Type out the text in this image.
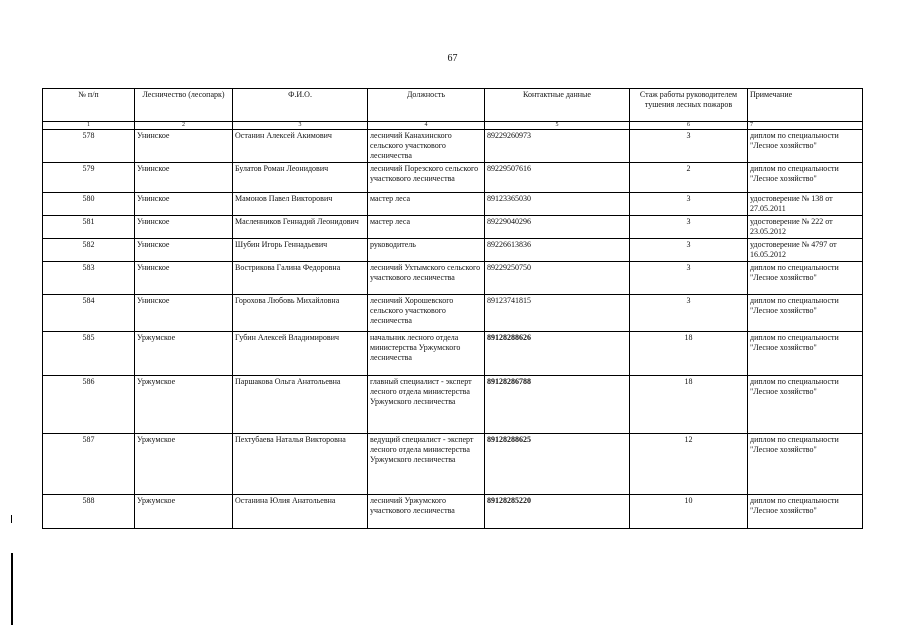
67
№ п/п	Лесничество (лесопарк)	Ф.И.О.	Должность	Контактные данные	Стаж работы руководителем тушения лесных пожаров	Примечание
1	2	3	4	5	6	7
578	Унинское	Останин Алексей Акимович	лесничий Канахинского сельского участкового лесничества	89229260973	3	диплом по специальности "Лесное хозяйство"
579	Унинское	Булатов Роман Леонидович	лесничий Порезского сельского участкового лесничества	89229507616	2	диплом по специальности "Лесное хозяйство"
580	Унинское	Мамонов Павел Викторович	мастер леса	89123365030	3	удостоверение № 138 от 27.05.2011
581	Унинское	Масленников Геннадий Леонидович	мастер леса	89229040296	3	удостоверение № 222 от 23.05.2012
582	Унинское	Шубин Игорь Геннадьевич	руководитель	89226613836	3	удостоверение № 4797 от 16.05.2012
583	Унинское	Вострикова Галина Федоровна	лесничий Ухтымского сельского участкового лесничества	89229250750	3	диплом по специальности "Лесное хозяйство"
584	Унинское	Горохова Любовь Михайловна	лесничий Хорошевского сельского участкового лесничества	89123741815	3	диплом по специальности "Лесное хозяйство"
585	Уржумское	Губин Алексей Владимирович	начальник лесного отдела министерства Уржумского лесничества	89128288626	18	диплом по специальности "Лесное хозяйство"
586	Уржумское	Паршакова Ольга Анатольевна	главный специалист - эксперт лесного отдела министерства Уржумского лесничества	89128286788	18	диплом по специальности "Лесное хозяйство"
587	Уржумское	Пехтубаева Наталья Викторовна	ведущий специалист - эксперт лесного отдела министерства Уржумского лесничества	89128288625	12	диплом по специальности "Лесное хозяйство"
588	Уржумское	Останина Юлия Анатольевна	лесничий Уржумского участкового лесничества	89128285220	10	диплом по специальности "Лесное хозяйство"
